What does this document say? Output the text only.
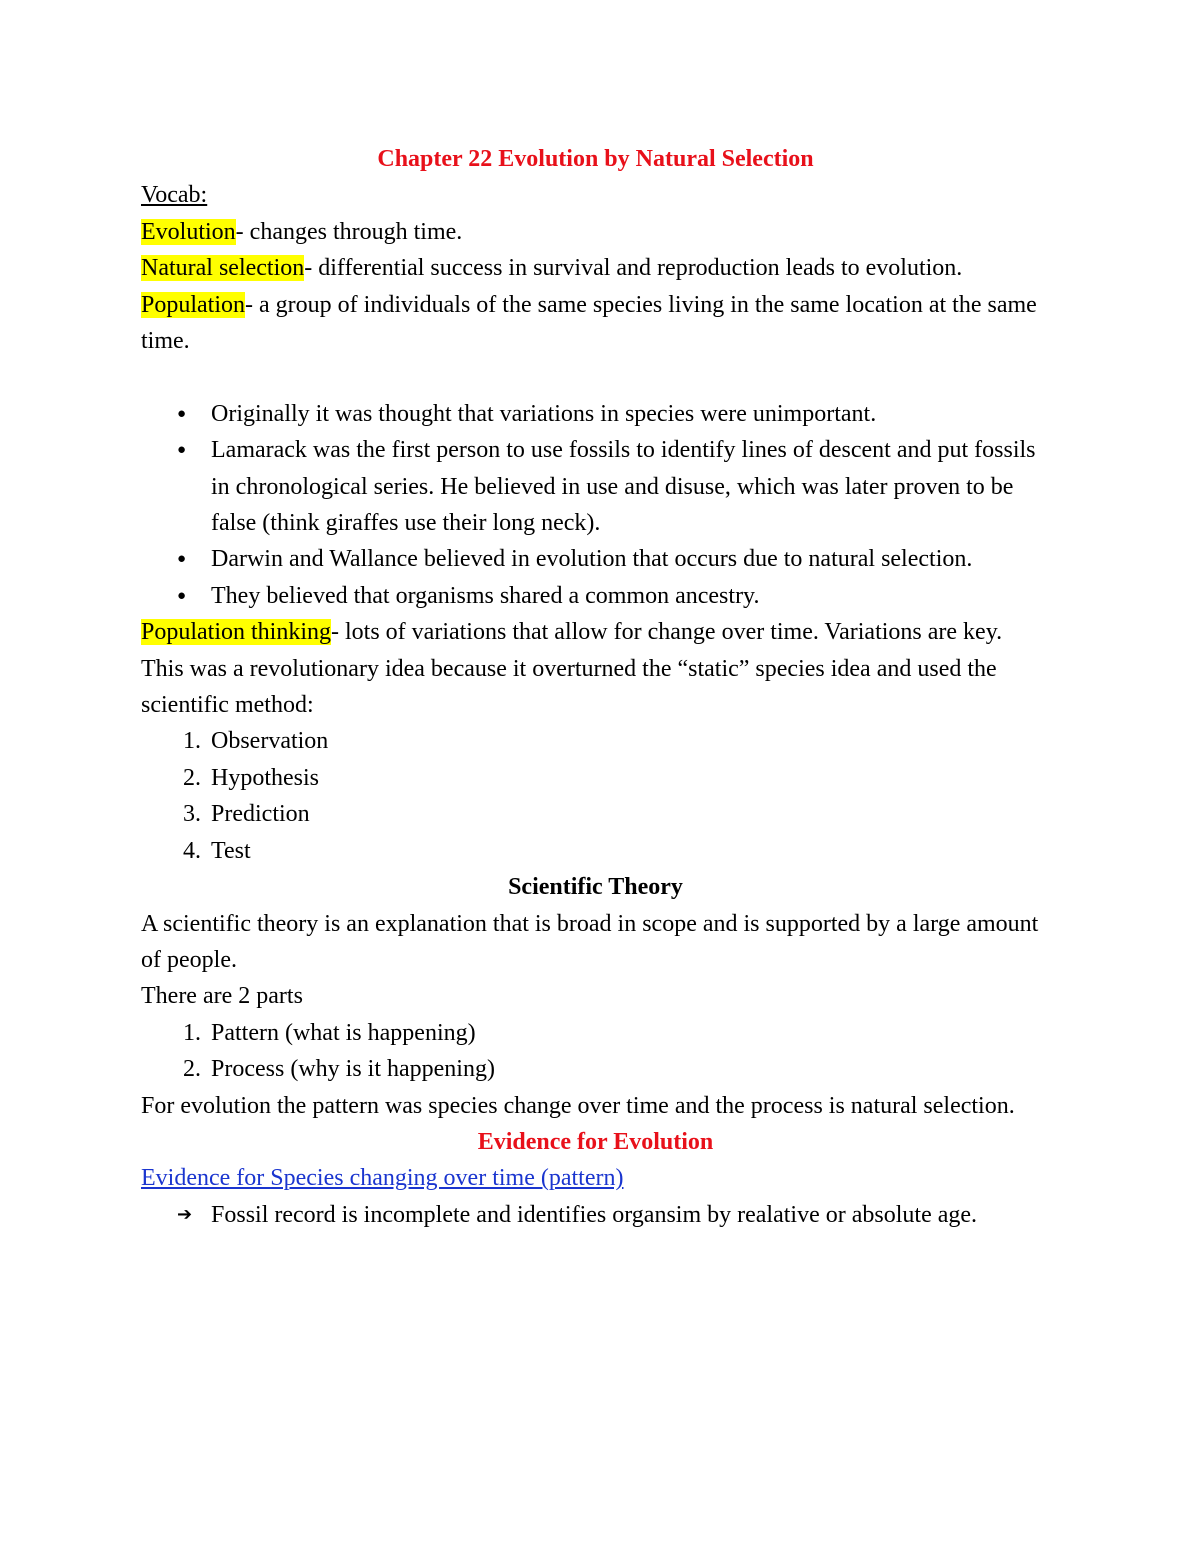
Chapter 22 Evolution by Natural Selection

Vocab:

Evolution- changes through time.

Natural selection- differential success in survival and reproduction leads to evolution.

Population- a group of individuals of the same species living in the same location at the same time.

● Originally it was thought that variations in species were unimportant.
● Lamarack was the first person to use fossils to identify lines of descent and put fossils in chronological series. He believed in use and disuse, which was later proven to be false (think giraffes use their long neck).
● Darwin and Wallance believed in evolution that occurs due to natural selection.
● They believed that organisms shared a common ancestry.

Population thinking- lots of variations that allow for change over time. Variations are key.

This was a revolutionary idea because it overturned the “static” species idea and used the scientific method:

1. Observation
2. Hypothesis
3. Prediction
4. Test

Scientific Theory

A scientific theory is an explanation that is broad in scope and is supported by a large amount of people.

There are 2 parts

1. Pattern (what is happening)
2. Process (why is it happening)

For evolution the pattern was species change over time and the process is natural selection.

Evidence for Evolution

Evidence for Species changing over time (pattern)

➔ Fossil record is incomplete and identifies organsim by realative or absolute age.
